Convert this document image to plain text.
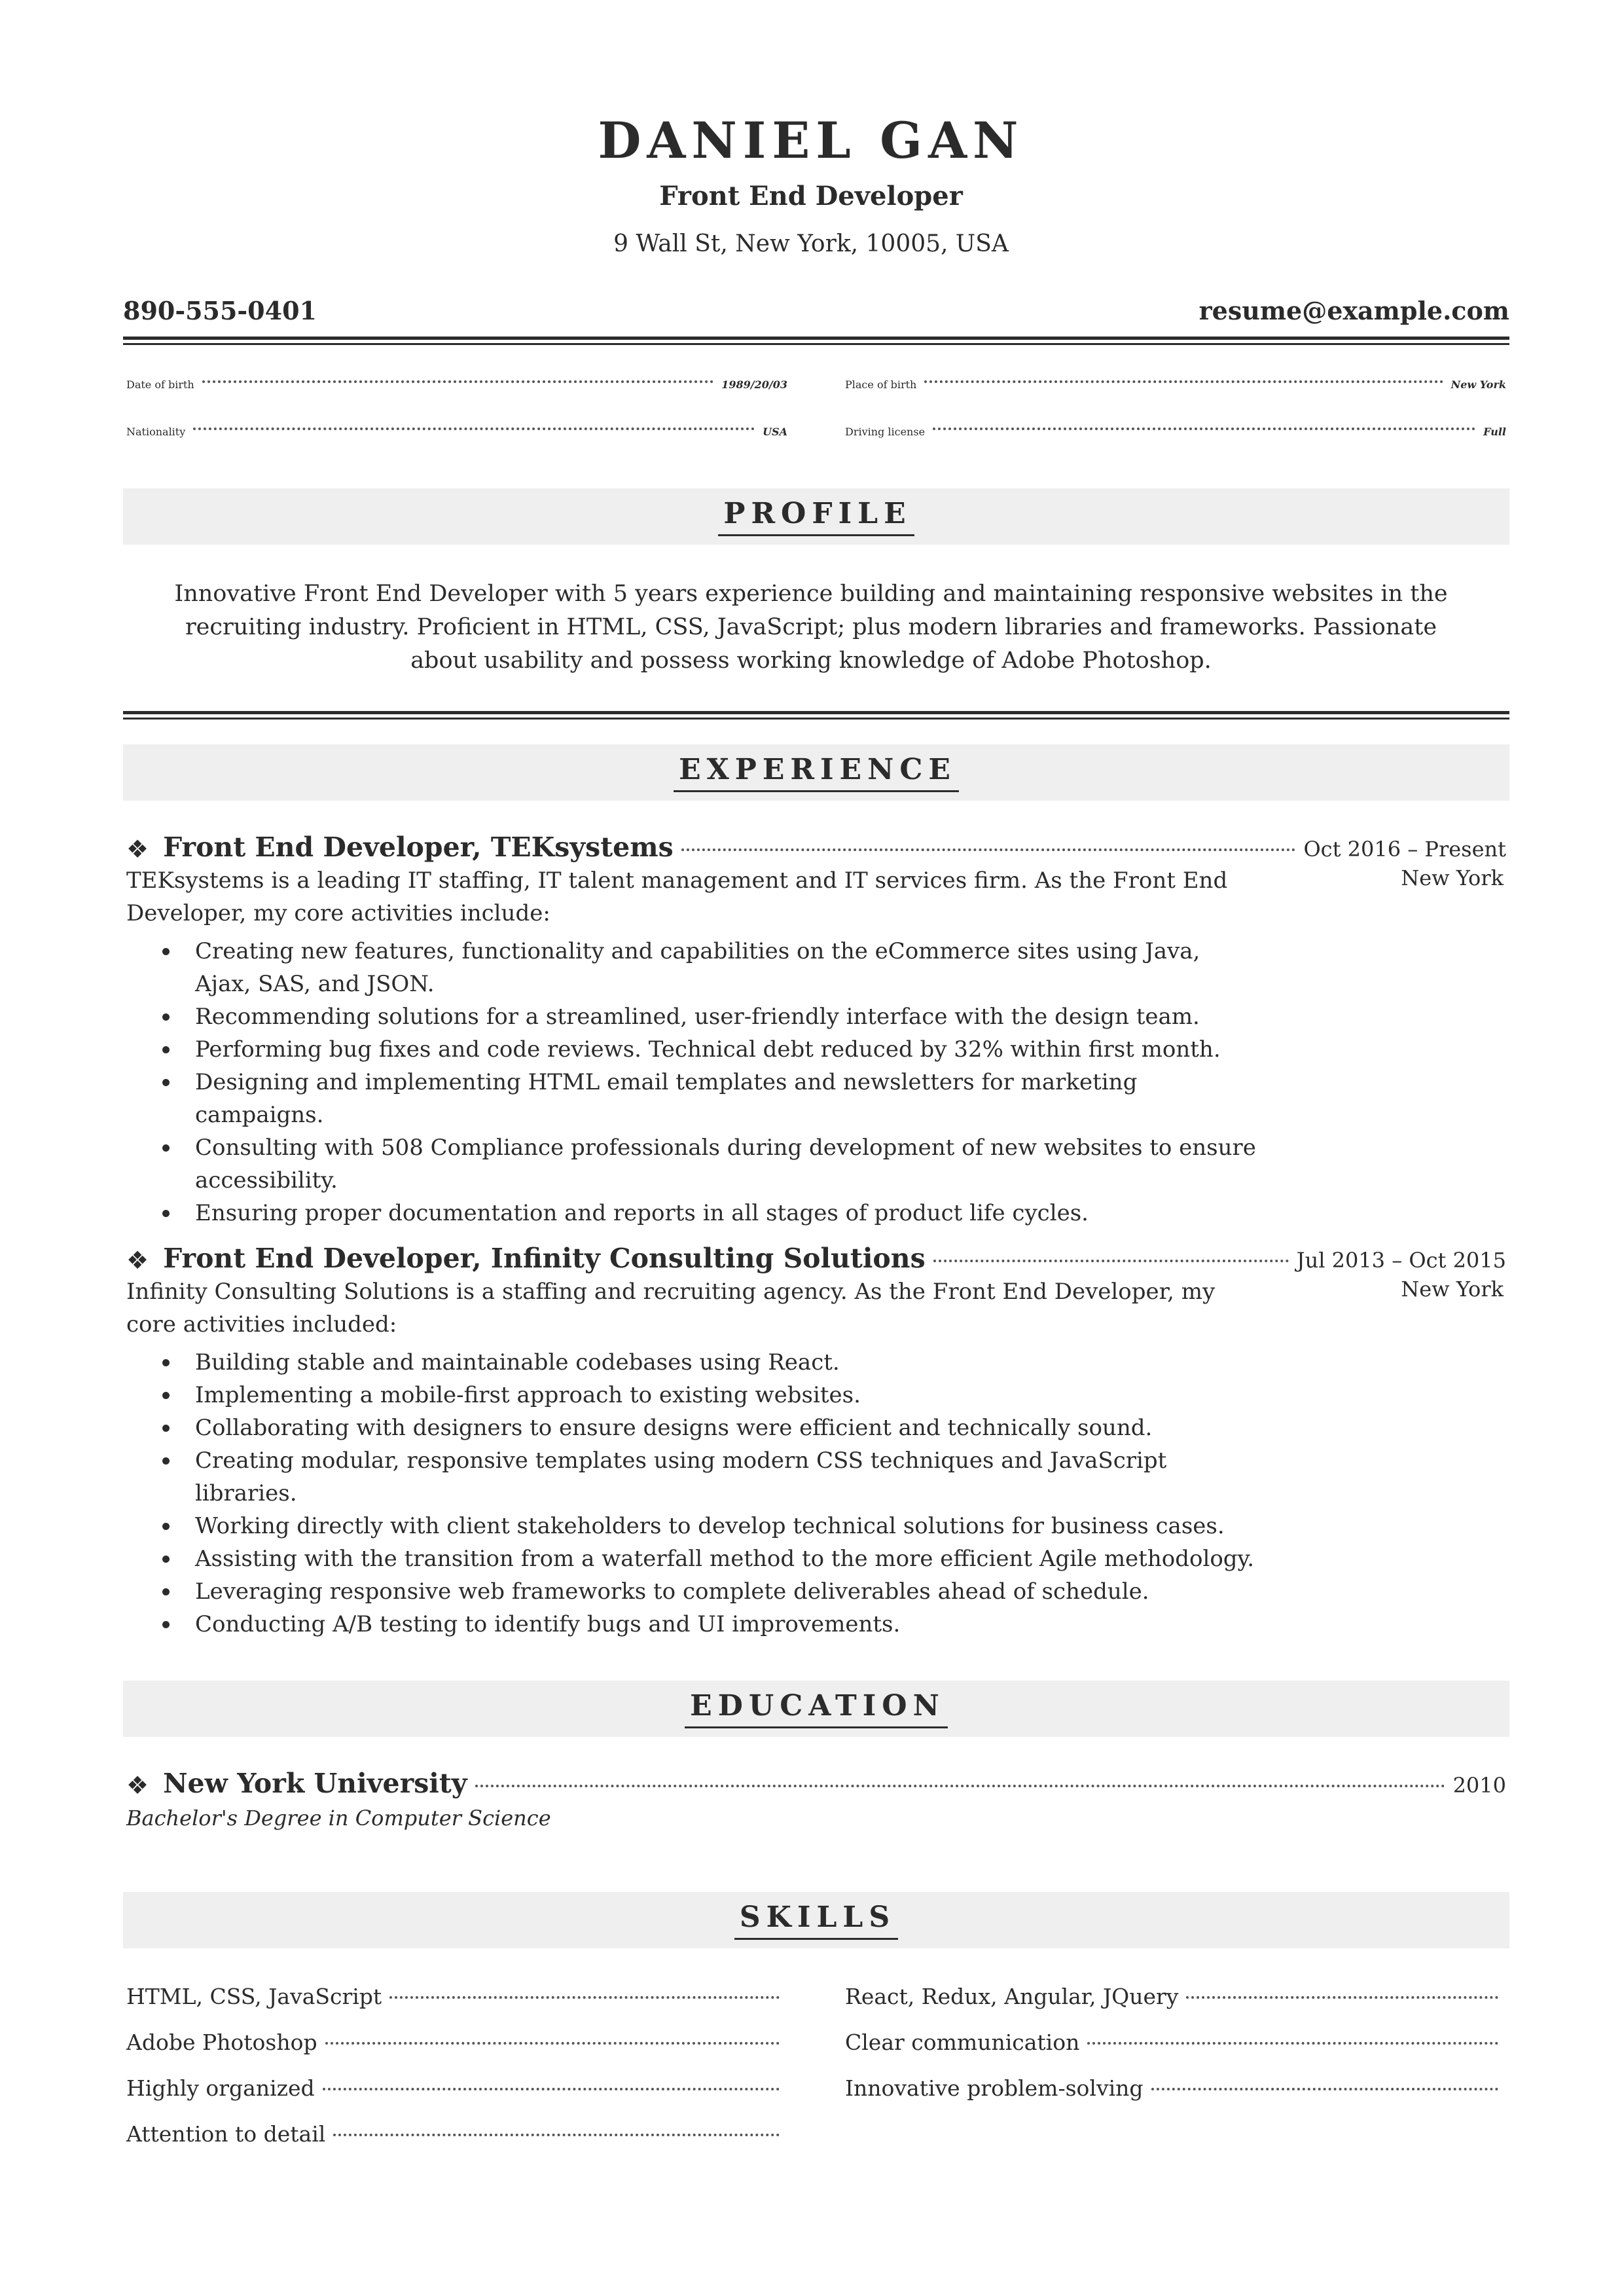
DANIEL GAN
Front End Developer
9 Wall St, New York, 10005, USA
890-555-0401	resume@example.com
Date of birth	1989/20/03	Place of birth	New York
Nationality	USA	Driving license	Full
PROFILE
Innovative Front End Developer with 5 years experience building and maintaining responsive websites in the recruiting industry. Proficient in HTML, CSS, JavaScript; plus modern libraries and frameworks. Passionate about usability and possess working knowledge of Adobe Photoshop.
EXPERIENCE
❖ Front End Developer, TEKsystems	Oct 2016 – Present
New York
TEKsystems is a leading IT staffing, IT talent management and IT services firm. As the Front End Developer, my core activities include:
Creating new features, functionality and capabilities on the eCommerce sites using Java, Ajax, SAS, and JSON.
Recommending solutions for a streamlined, user-friendly interface with the design team.
Performing bug fixes and code reviews. Technical debt reduced by 32% within first month.
Designing and implementing HTML email templates and newsletters for marketing campaigns.
Consulting with 508 Compliance professionals during development of new websites to ensure accessibility.
Ensuring proper documentation and reports in all stages of product life cycles.
❖ Front End Developer, Infinity Consulting Solutions	Jul 2013 – Oct 2015
New York
Infinity Consulting Solutions is a staffing and recruiting agency. As the Front End Developer, my core activities included:
Building stable and maintainable codebases using React.
Implementing a mobile-first approach to existing websites.
Collaborating with designers to ensure designs were efficient and technically sound.
Creating modular, responsive templates using modern CSS techniques and JavaScript libraries.
Working directly with client stakeholders to develop technical solutions for business cases.
Assisting with the transition from a waterfall method to the more efficient Agile methodology.
Leveraging responsive web frameworks to complete deliverables ahead of schedule.
Conducting A/B testing to identify bugs and UI improvements.
EDUCATION
❖ New York University	2010
Bachelor's Degree in Computer Science
SKILLS
HTML, CSS, JavaScript	React, Redux, Angular, JQuery
Adobe Photoshop	Clear communication
Highly organized	Innovative problem-solving
Attention to detail
